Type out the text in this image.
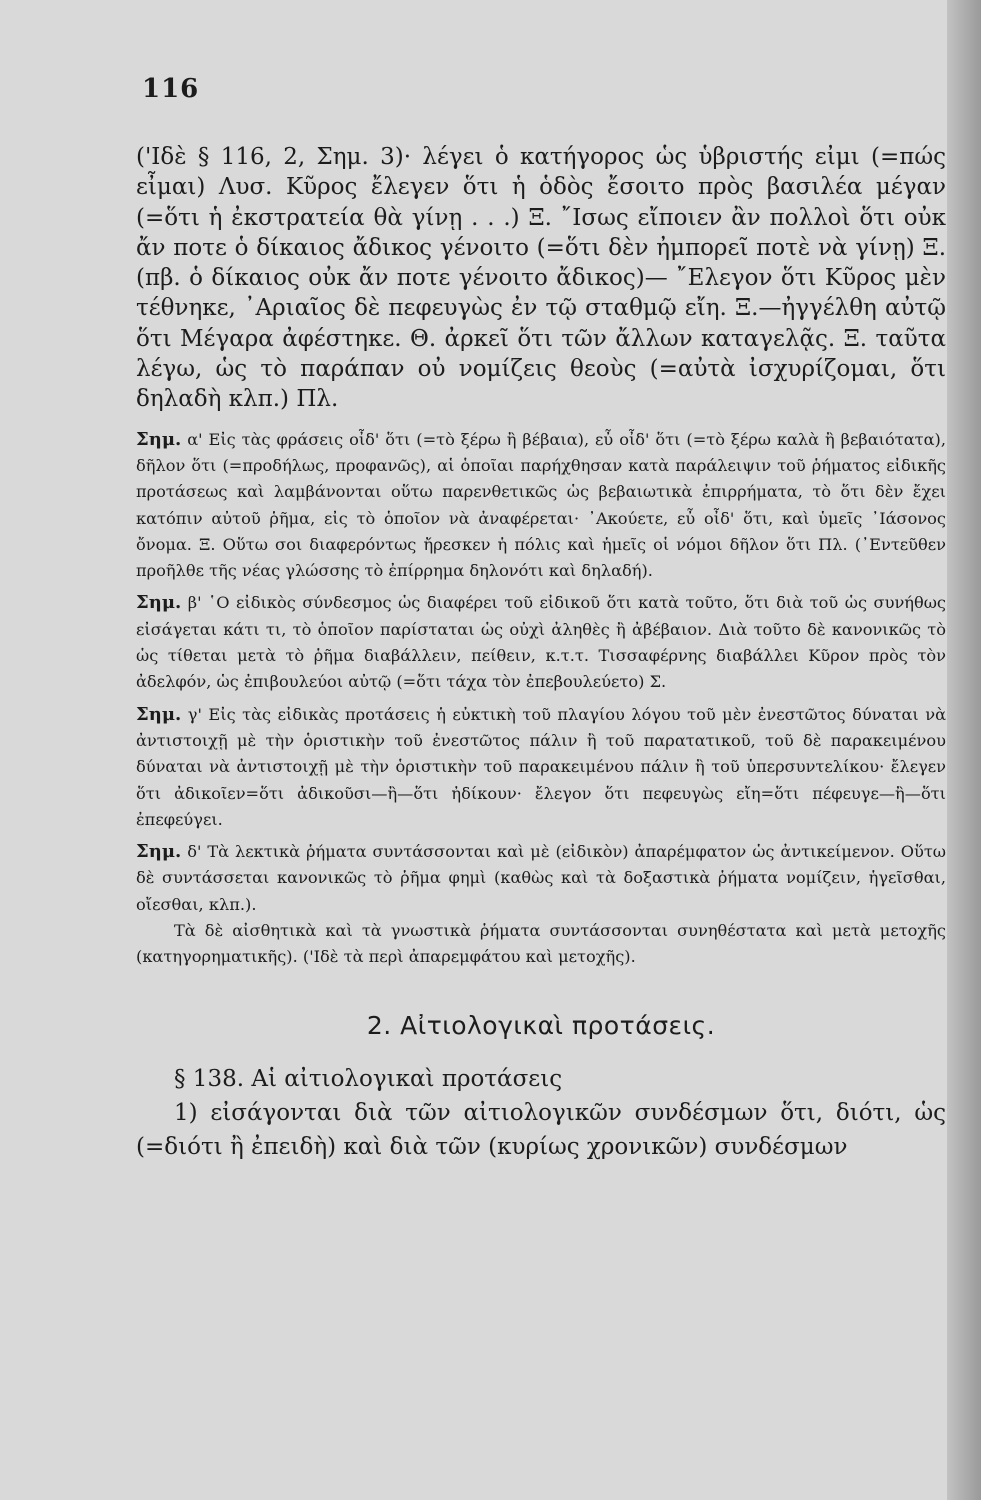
116

('Ιδὲ § 116, 2, Σημ. 3)· λέγει ὁ κατήγορος ὡς ὑβριστής εἰμι (=πώς εἶμαι) Λυσ. Κῦρος ἔλεγεν ὅτι ἡ ὁδὸς ἔσοιτο πρὸς βασιλέα μέγαν (=ὅτι ἡ ἐκστρατεία θὰ γίνῃ . . .) Ξ. ῎Ισως εἴποιεν ἂν πολλοὶ ὅτι οὐκ ἄν ποτε ὁ δίκαιος ἄδικος γένοιτο (=ὅτι δὲν ἠμπορεῖ ποτὲ νὰ γίνῃ) Ξ. (πβ. ὁ δίκαιος οὐκ ἄν ποτε γένοιτο ἄδικος)— ῎Ελεγον ὅτι Κῦρος μὲν τέθνηκε, ᾿Αριαῖος δὲ πεφευγὼς ἐν τῷ σταθμῷ εἴη. Ξ.—ἠγγέλθη αὐτῷ ὅτι Μέγαρα ἀφέστηκε. Θ. ἀρκεῖ ὅτι τῶν ἄλλων καταγελᾷς. Ξ. ταῦτα λέγω, ὡς τὸ παράπαν οὐ νομίζεις θεοὺς (=αὐτὰ ἰσχυρίζομαι, ὅτι δηλαδὴ κλπ.) Πλ.

Σημ. α' Εἰς τὰς φράσεις οἶδ' ὅτι (=τὸ ξέρω ἢ βέβαια), εὖ οἶδ' ὅτι (=τὸ ξέρω καλὰ ἢ βεβαιότατα), δῆλον ὅτι (=προδήλως, προφανῶς), αἱ ὁποῖαι παρήχθησαν κατὰ παράλειψιν τοῦ ῥήματος εἰδικῆς προτάσεως καὶ λαμβάνονται οὕτω παρενθετικῶς ὡς βεβαιωτικὰ ἐπιρρήματα, τὸ ὅτι δὲν ἔχει κατόπιν αὐτοῦ ῥῆμα, εἰς τὸ ὁποῖον νὰ ἀναφέρεται· ᾿Ακούετε, εὖ οἶδ' ὅτι, καὶ ὑμεῖς ᾿Ιάσονος ὄνομα. Ξ. Οὕτω σοι διαφερόντως ἤρεσκεν ἡ πόλις καὶ ἡμεῖς οἱ νόμοι δῆλον ὅτι Πλ. (᾿Εντεῦθεν προῆλθε τῆς νέας γλώσσης τὸ ἐπίρρημα δηλονότι καὶ δηλαδή).

Σημ. β' ῾Ο εἰδικὸς σύνδεσμος ὡς διαφέρει τοῦ εἰδικοῦ ὅτι κατὰ τοῦτο, ὅτι διὰ τοῦ ὡς συνήθως εἰσάγεται κάτι τι, τὸ ὁποῖον παρίσταται ὡς οὐχὶ ἀληθὲς ἢ ἀβέβαιον. Διὰ τοῦτο δὲ κανονικῶς τὸ ὡς τίθεται μετὰ τὸ ῥῆμα διαβάλλειν, πείθειν, κ.τ.τ. Τισσαφέρνης διαβάλλει Κῦρον πρὸς τὸν ἀδελφόν, ὡς ἐπιβουλεύοι αὐτῷ (=ὅτι τάχα τὸν ἐπεβουλεύετο) Σ.

Σημ. γ' Εἰς τὰς εἰδικὰς προτάσεις ἡ εὐκτικὴ τοῦ πλαγίου λόγου τοῦ μὲν ἐνεστῶτος δύναται νὰ ἀντιστοιχῇ μὲ τὴν ὁριστικὴν τοῦ ἐνεστῶτος πάλιν ἢ τοῦ παρατατικοῦ, τοῦ δὲ παρακειμένου δύναται νὰ ἀντιστοιχῇ μὲ τὴν ὁριστικὴν τοῦ παρακειμένου πάλιν ἢ τοῦ ὑπερσυντελίκου· ἔλεγεν ὅτι ἀδικοῖεν=ὅτι ἀδικοῦσι—ἢ—ὅτι ἠδίκουν· ἔλεγον ὅτι πεφευγὼς εἴη=ὅτι πέφευγε—ἢ—ὅτι ἐπεφεύγει.

Σημ. δ' Τὰ λεκτικὰ ῥήματα συντάσσονται καὶ μὲ (εἰδικὸν) ἀπαρέμφατον ὡς ἀντικείμενον. Οὕτω δὲ συντάσσεται κανονικῶς τὸ ῥῆμα φημὶ (καθὼς καὶ τὰ δοξαστικὰ ῥήματα νομίζειν, ἡγεῖσθαι, οἴεσθαι, κλπ.).

Τὰ δὲ αἰσθητικὰ καὶ τὰ γνωστικὰ ῥήματα συντάσσονται συνηθέστατα καὶ μετὰ μετοχῆς (κατηγορηματικῆς). ('Ιδὲ τὰ περὶ ἀπαρεμφάτου καὶ μετοχῆς).

2. Αἰτιολογικαὶ προτάσεις.

§ 138. Αἱ αἰτιολογικαὶ προτάσεις

1) εἰσάγονται διὰ τῶν αἰτιολογικῶν συνδέσμων ὅτι, διότι, ὡς (=διότι ἢ ἐπειδὴ) καὶ διὰ τῶν (κυρίως χρονικῶν) συνδέσμων
